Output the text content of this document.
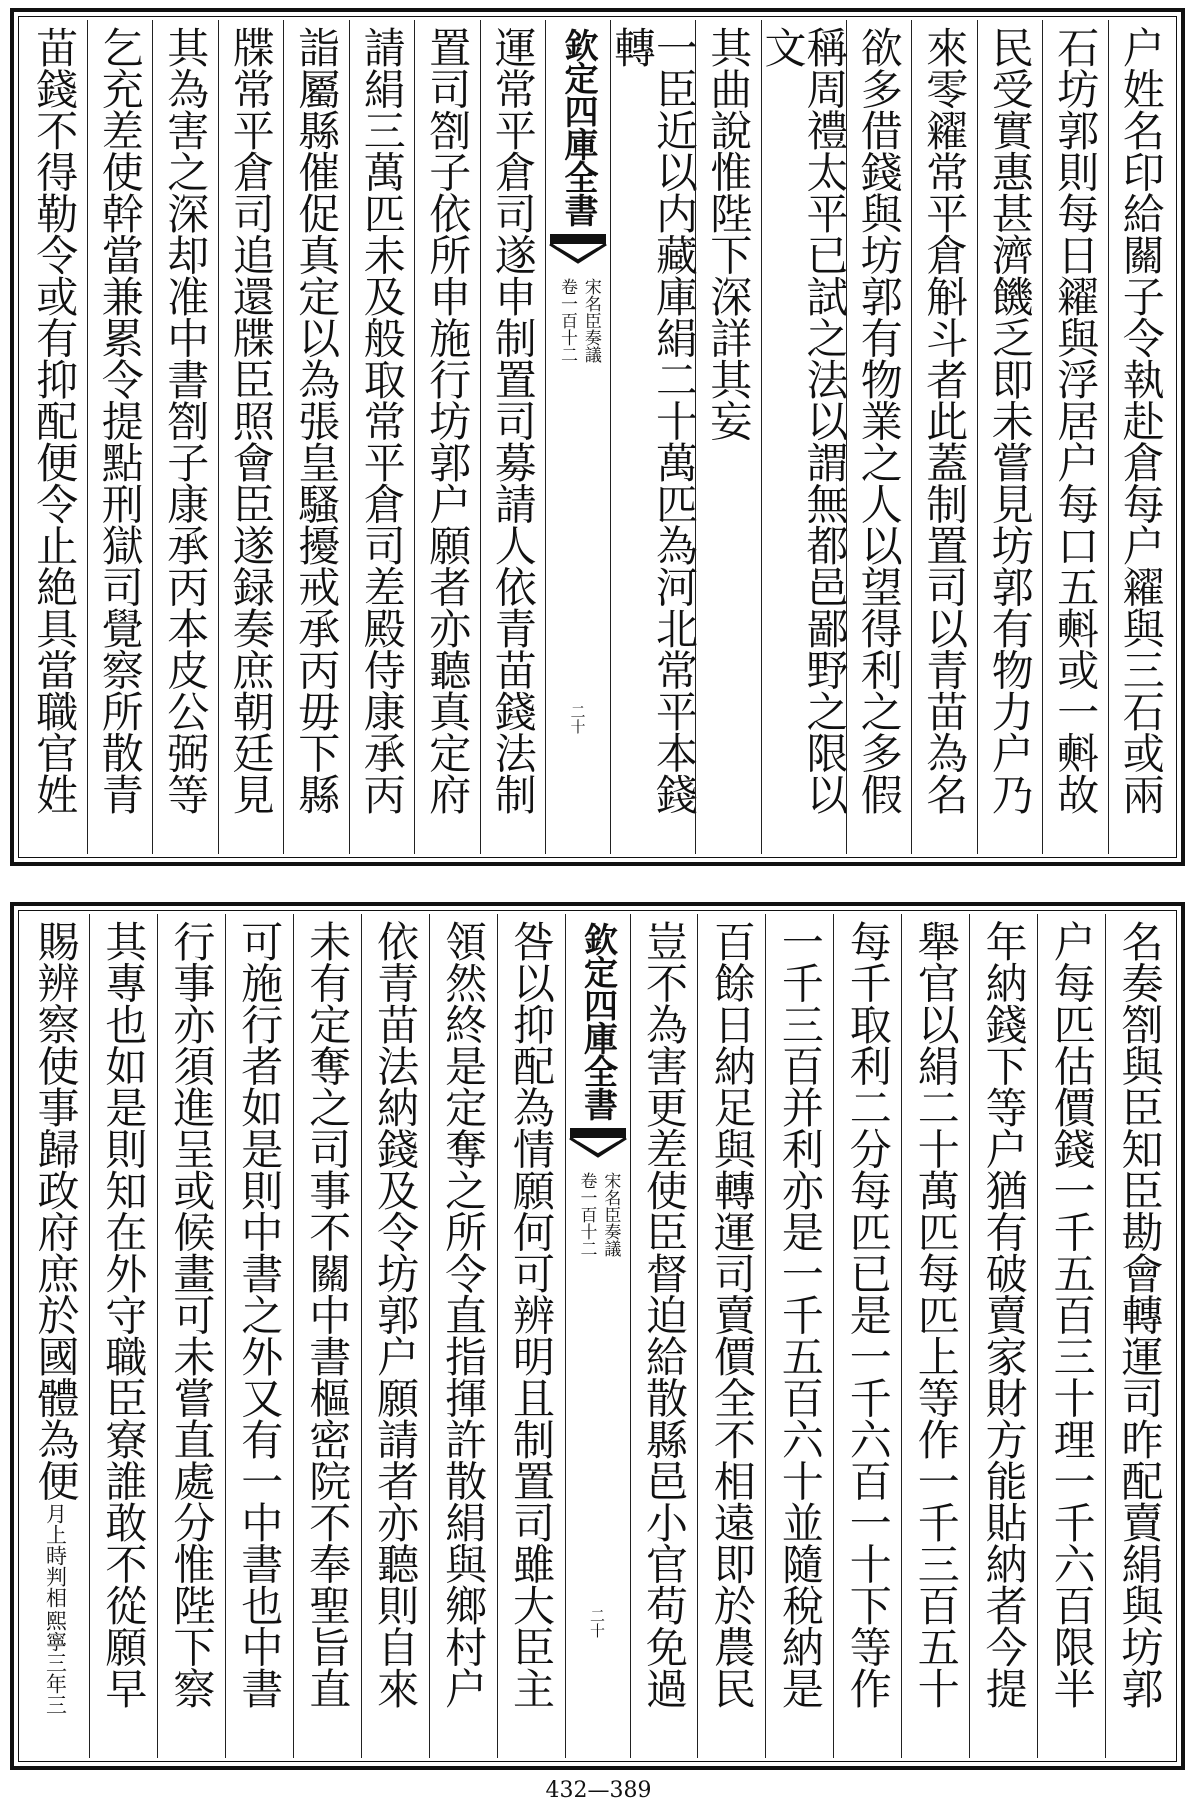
户姓名印給關子令執赴倉每户糴與三石或兩
石坊郭則每日糴與浮居户每口五㪺或一㪺故
民受實惠甚濟饑乏即未嘗見坊郭有物力户乃
來零糴常平倉斛斗者此蓋制置司以青苗為名
欲多借錢與坊郭有物業之人以望得利之多假
稱周禮太平已試之法以謂無都邑鄙野之限以文
其曲說惟陛下深詳其妄
一臣近以内藏庫絹二十萬匹為河北常平本錢轉
欽定四庫全書
宋名臣奏議
卷一百十二
二十
運常平倉司遂申制置司募請人依青苗錢法制
置司劄子依所申施行坊郭户願者亦聽真定府
請絹三萬匹未及般取常平倉司差殿侍康承丙
詣屬縣催促真定以為張皇騷擾戒承丙毋下縣
牒常平倉司追還牒臣照會臣遂録奏庶朝廷見
其為害之深却准中書劄子康承丙本皮公弼等
乞充差使幹當兼累令提點刑獄司覺察所散青
苗錢不得勒令或有抑配便令止絶具當職官姓
名奏劄與臣知臣勘會轉運司昨配賣絹與坊郭
户每匹估價錢一千五百三十理一千六百限半
年納錢下等户猶有破賣家財方能貼納者今提
舉官以絹二十萬匹每匹上等作一千三百五十
每千取利二分每匹已是一千六百一十下等作
一千三百并利亦是一千五百六十並隨稅納是
百餘日納足與轉運司賣價全不相遠即於農民
豈不為害更差使臣督迫給散縣邑小官苟免過
欽定四庫全書
宋名臣奏議
卷一百十二
二十
咎以抑配為情願何可辨明且制置司雖大臣主
領然終是定奪之所令直指揮許散絹與鄉村户
依青苗法納錢及令坊郭户願請者亦聽則自來
未有定奪之司事不關中書樞密院不奉聖旨直
可施行者如是則中書之外又有一中書也中書
行事亦須進呈或候畫可未嘗直處分惟陛下察
其專也如是則知在外守職臣寮誰敢不從願早
賜辨察使事歸政府庶於國體為便
熙寧三年三
月上時判相
432—389
